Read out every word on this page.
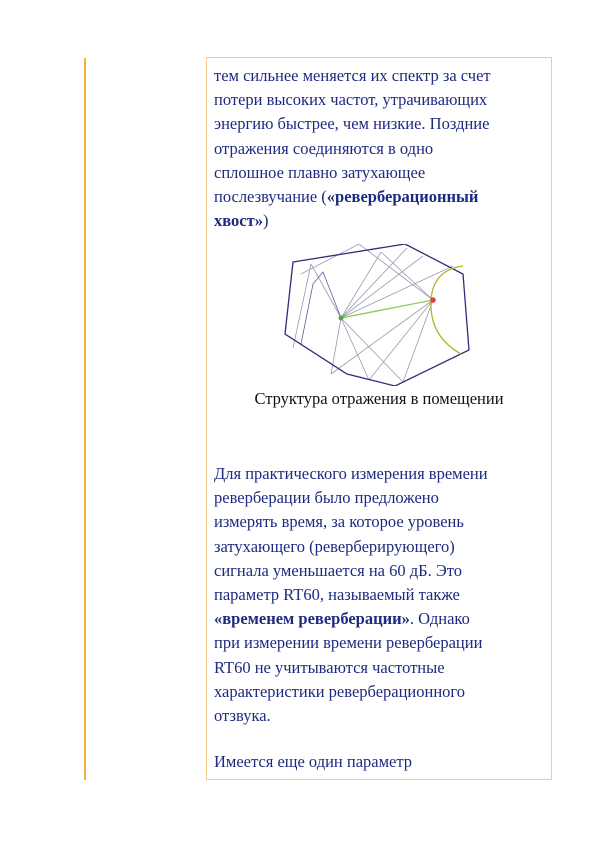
тем сильнее меняется их спектр за счет
потери высоких частот, утрачивающих
энергию быстрее, чем низкие. Поздние
отражения соединяются в одно
сплошное плавно затухающее
послезвучание («реверберационный
хвост»)

Структура отражения в помещении

Для практического измерения времени
реверберации было предложено
измерять время, за которое уровень
затухающего (реверберирующего)
сигнала уменьшается на 60 дБ. Это
параметр RT60, называемый также
«временем реверберации». Однако
при измерении времени реверберации
RT60 не учитываются частотные
характеристики реверберационного
отзвука.

Имеется еще один параметр
